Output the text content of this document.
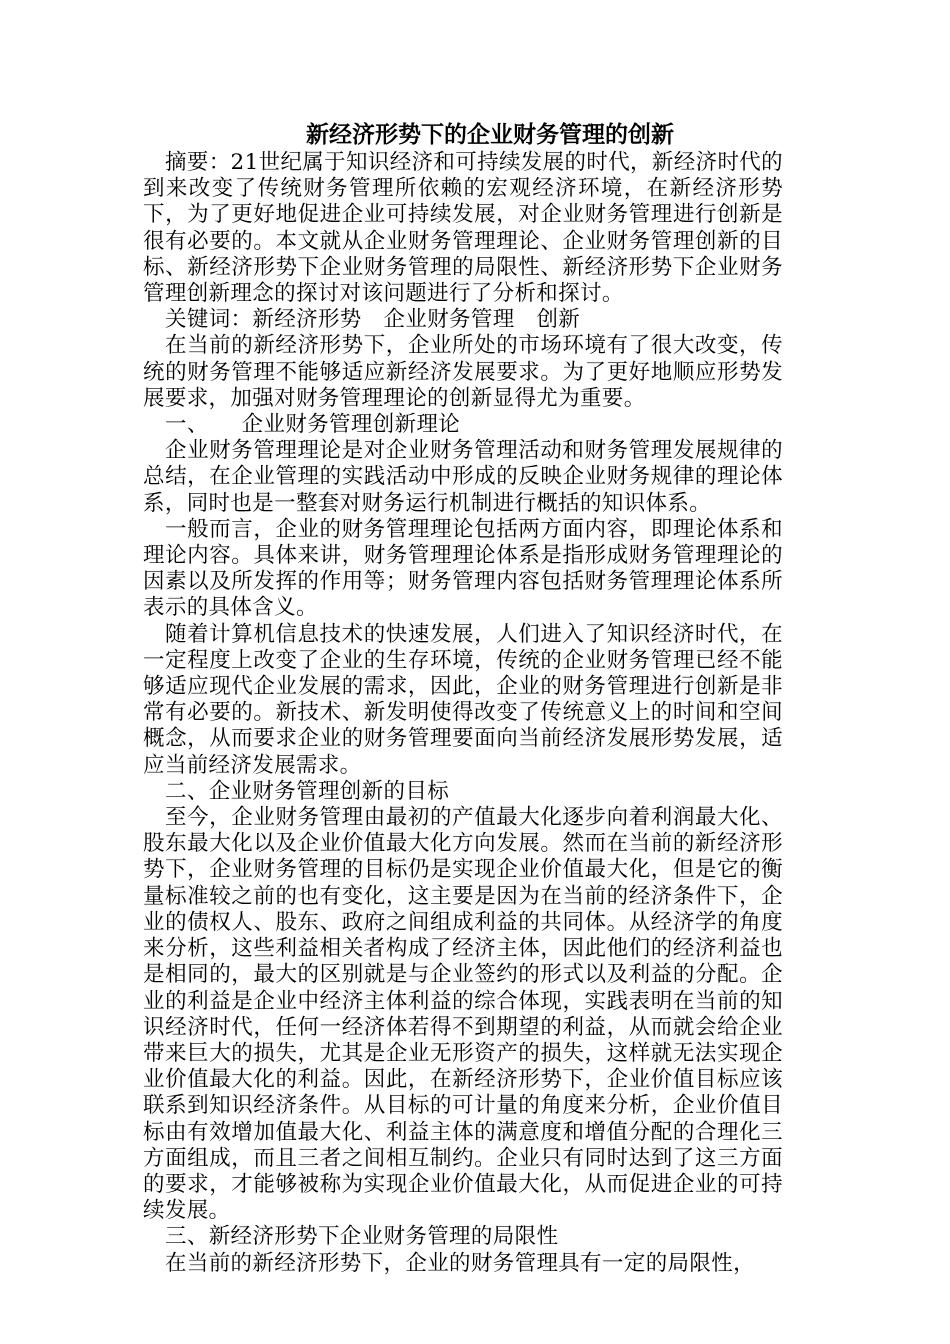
新经济形势下的企业财务管理的创新

摘要：21世纪属于知识经济和可持续发展的时代，新经济时代的到来改变了传统财务管理所依赖的宏观经济环境，在新经济形势下，为了更好地促进企业可持续发展，对企业财务管理进行创新是很有必要的。本文就从企业财务管理理论、企业财务管理创新的目标、新经济形势下企业财务管理的局限性、新经济形势下企业财务管理创新理念的探讨对该问题进行了分析和探讨。

关键词：新经济形势　企业财务管理　创新

在当前的新经济形势下，企业所处的市场环境有了很大改变，传统的财务管理不能够适应新经济发展要求。为了更好地顺应形势发展要求，加强对财务管理理论的创新显得尤为重要。

一、　　企业财务管理创新理论

企业财务管理理论是对企业财务管理活动和财务管理发展规律的总结，在企业管理的实践活动中形成的反映企业财务规律的理论体系，同时也是一整套对财务运行机制进行概括的知识体系。

一般而言，企业的财务管理理论包括两方面内容，即理论体系和理论内容。具体来讲，财务管理理论体系是指形成财务管理理论的因素以及所发挥的作用等；财务管理内容包括财务管理理论体系所表示的具体含义。

随着计算机信息技术的快速发展，人们进入了知识经济时代，在一定程度上改变了企业的生存环境，传统的企业财务管理已经不能够适应现代企业发展的需求，因此，企业的财务管理进行创新是非常有必要的。新技术、新发明使得改变了传统意义上的时间和空间概念，从而要求企业的财务管理要面向当前经济发展形势发展，适应当前经济发展需求。

二、企业财务管理创新的目标

至今，企业财务管理由最初的产值最大化逐步向着利润最大化、股东最大化以及企业价值最大化方向发展。然而在当前的新经济形势下，企业财务管理的目标仍是实现企业价值最大化，但是它的衡量标准较之前的也有变化，这主要是因为在当前的经济条件下，企业的债权人、股东、政府之间组成利益的共同体。从经济学的角度来分析，这些利益相关者构成了经济主体，因此他们的经济利益也是相同的，最大的区别就是与企业签约的形式以及利益的分配。企业的利益是企业中经济主体利益的综合体现，实践表明在当前的知识经济时代，任何一经济体若得不到期望的利益，从而就会给企业带来巨大的损失，尤其是企业无形资产的损失，这样就无法实现企业价值最大化的利益。因此，在新经济形势下，企业价值目标应该联系到知识经济条件。从目标的可计量的角度来分析，企业价值目标由有效增加值最大化、利益主体的满意度和增值分配的合理化三方面组成，而且三者之间相互制约。企业只有同时达到了这三方面的要求，才能够被称为实现企业价值最大化，从而促进企业的可持续发展。

三、新经济形势下企业财务管理的局限性

在当前的新经济形势下，企业的财务管理具有一定的局限性，
